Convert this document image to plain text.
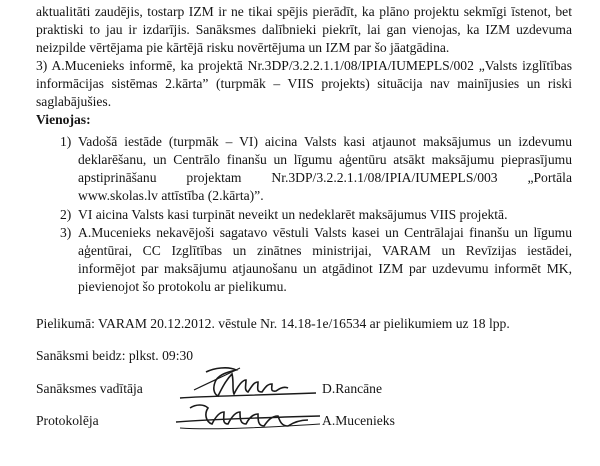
aktualitāti zaudējis, tostarp IZM ir ne tikai spējis pierādīt, ka plāno projektu sekmīgi īstenot, bet
praktiski to jau ir izdarījis. Sanāksmes dalībnieki piekrīt, lai gan vienojas, ka IZM uzdevuma
neizpilde vērtējama pie kārtējā risku novērtējuma un IZM par šo jāatgādina.
3) A.Mucenieks informē, ka projektā Nr.3DP/3.2.2.1.1/08/IPIA/IUMEPLS/002 „Valsts izglītības
informācijas sistēmas 2.kārta” (turpmāk – VIIS projekts) situācija nav mainījusies un riski
saglabājušies.
Vienojas:
1) Vadošā iestāde (turpmāk – VI) aicina Valsts kasi atjaunot maksājumus un izdevumu
deklarēšanu, un Centrālo finanšu un līgumu aģentūru atsākt maksājumu pieprasījumu
apstiprināšanu projektam Nr.3DP/3.2.2.1.1/08/IPIA/IUMEPLS/003 „Portāla
www.skolas.lv attīstība (2.kārta)”.
2) VI aicina Valsts kasi turpināt neveikt un nedeklarēt maksājumus VIIS projektā.
3) A.Mucenieks nekavējoši sagatavo vēstuli Valsts kasei un Centrālajai finanšu un līgumu
aģentūrai, CC Izglītības un zinātnes ministrijai, VARAM un Revīzijas iestādei,
informējot par maksājumu atjaunošanu un atgādinot IZM par uzdevumu informēt MK,
pievienojot šo protokolu ar pielikumu.
Pielikumā: VARAM 20.12.2012. vēstule Nr. 14.18-1e/16534 ar pielikumiem uz 18 lpp.
Sanāksmi beidz: plkst. 09:30
Sanāksmes vadītāja	D.Rancāne
Protokolēja	A.Mucenieks
